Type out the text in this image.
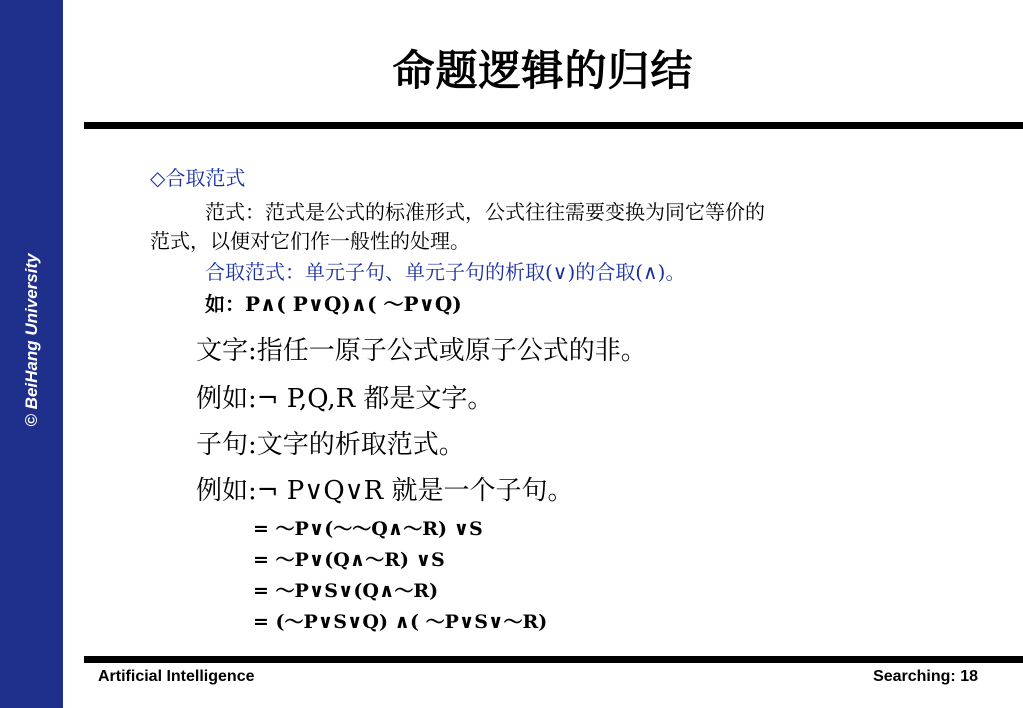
© BeiHang University
命题逻辑的归结
◇合取范式
范式：范式是公式的标准形式，公式往往需要变换为同它等价的
范式，以便对它们作一般性的处理。
合取范式：单元子句、单元子句的析取(∨)的合取(∧)。
如：P∧( P∨Q)∧( ～P∨Q)
文字:指任一原子公式或原子公式的非。
例如:¬ P,Q,R 都是文字。
子句:文字的析取范式。
例如:¬ P∨Q∨R 就是一个子句。
= ～P∨(～～Q∧～R) ∨S
= ～P∨(Q∧～R) ∨S
= ～P∨S∨(Q∧～R)
= (～P∨S∨Q) ∧( ～P∨S∨～R)
Artificial Intelligence	Searching: 18
